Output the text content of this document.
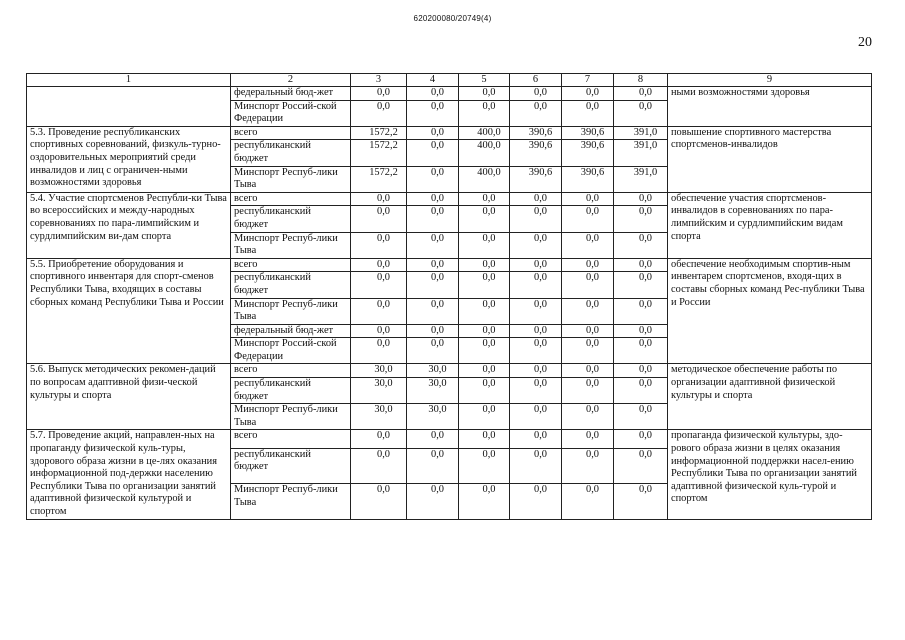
620200080/20749(4)
20
1	2	3	4	5	6	7	8	9
	федеральный бюд-жет	0,0	0,0	0,0	0,0	0,0	0,0	ными возможностями здоровья
	Минспорт Россий-ской Федерации	0,0	0,0	0,0	0,0	0,0	0,0	
5.3. Проведение республиканских спортивных соревнований, физкуль-турно-оздоровительных мероприятий среди инвалидов и лиц с ограничен-ными возможностями здоровья	всего	1572,2	0,0	400,0	390,6	390,6	391,0	повышение спортивного мастерства спортсменов-инвалидов
	республиканский бюджет	1572,2	0,0	400,0	390,6	390,6	391,0	
	Минспорт Респуб-лики Тыва	1572,2	0,0	400,0	390,6	390,6	391,0	
5.4. Участие спортсменов Республи-ки Тыва во всероссийских и между-народных соревнованиях по пара-лимпийским и сурдлимпийским ви-дам спорта	всего	0,0	0,0	0,0	0,0	0,0	0,0	обеспечение участия спортсменов-инвалидов в соревнованиях по пара-лимпийским и сурдлимпийским видам спорта
	республиканский бюджет	0,0	0,0	0,0	0,0	0,0	0,0	
	Минспорт Респуб-лики Тыва	0,0	0,0	0,0	0,0	0,0	0,0	
5.5. Приобретение оборудования и спортивного инвентаря для спорт-сменов Республики Тыва, входящих в составы сборных команд Республики Тыва и России	всего	0,0	0,0	0,0	0,0	0,0	0,0	обеспечение необходимым спортив-ным инвентарем спортсменов, входя-щих в составы сборных команд Рес-публики Тыва и России
	республиканский бюджет	0,0	0,0	0,0	0,0	0,0	0,0	
	Минспорт Респуб-лики Тыва	0,0	0,0	0,0	0,0	0,0	0,0	
	федеральный бюд-жет	0,0	0,0	0,0	0,0	0,0	0,0	
	Минспорт Россий-ской Федерации	0,0	0,0	0,0	0,0	0,0	0,0	
5.6. Выпуск методических рекомен-даций по вопросам адаптивной физи-ческой культуры и спорта	всего	30,0	30,0	0,0	0,0	0,0	0,0	методическое обеспечение работы по организации адаптивной физической культуры и спорта
	республиканский бюджет	30,0	30,0	0,0	0,0	0,0	0,0	
	Минспорт Респуб-лики Тыва	30,0	30,0	0,0	0,0	0,0	0,0	
5.7. Проведение акций, направлен-ных на пропаганду физической куль-туры, здорового образа жизни в це-лях оказания информационной под-держки населению Республики Тыва по организации занятий адаптивной физической культурой и спортом	всего	0,0	0,0	0,0	0,0	0,0	0,0	пропаганда физической культуры, здо-рового образа жизни в целях оказания информационной поддержки насел-ению Республики Тыва по организации занятий адаптивной физической куль-турой и спортом
	республиканский бюджет	0,0	0,0	0,0	0,0	0,0	0,0	
	Минспорт Респуб-лики Тыва	0,0	0,0	0,0	0,0	0,0	0,0	
